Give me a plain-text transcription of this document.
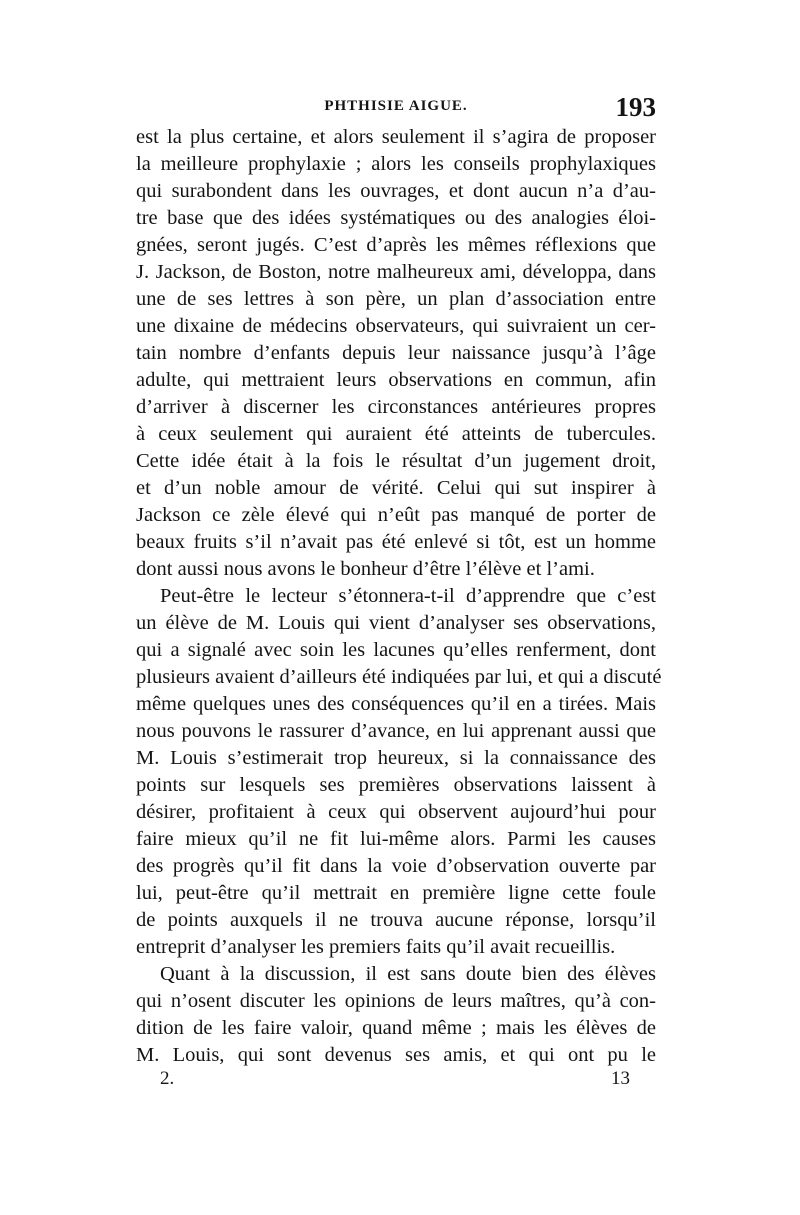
PHTHISIE AIGUE.	193
est la plus certaine, et alors seulement il s’agira de proposer
la meilleure prophylaxie ; alors les conseils prophylaxiques
qui surabondent dans les ouvrages, et dont aucun n’a d’au-
tre base que des idées systématiques ou des analogies éloi-
gnées, seront jugés. C’est d’après les mêmes réflexions que
J. Jackson, de Boston, notre malheureux ami, développa, dans
une de ses lettres à son père, un plan d’association entre
une dixaine de médecins observateurs, qui suivraient un cer-
tain nombre d’enfants depuis leur naissance jusqu’à l’âge
adulte, qui mettraient leurs observations en commun, afin
d’arriver à discerner les circonstances antérieures propres
à ceux seulement qui auraient été atteints de tubercules.
Cette idée était à la fois le résultat d’un jugement droit,
et d’un noble amour de vérité. Celui qui sut inspirer à
Jackson ce zèle élevé qui n’eût pas manqué de porter de
beaux fruits s’il n’avait pas été enlevé si tôt, est un homme
dont aussi nous avons le bonheur d’être l’élève et l’ami.
Peut-être le lecteur s’étonnera-t-il d’apprendre que c’est
un élève de M. Louis qui vient d’analyser ses observations,
qui a signalé avec soin les lacunes qu’elles renferment, dont
plusieurs avaient d’ailleurs été indiquées par lui, et qui a discuté
même quelques unes des conséquences qu’il en a tirées. Mais
nous pouvons le rassurer d’avance, en lui apprenant aussi que
M. Louis s’estimerait trop heureux, si la connaissance des
points sur lesquels ses premières observations laissent à
désirer, profitaient à ceux qui observent aujourd’hui pour
faire mieux qu’il ne fit lui-même alors. Parmi les causes
des progrès qu’il fit dans la voie d’observation ouverte par
lui, peut-être qu’il mettrait en première ligne cette foule
de points auxquels il ne trouva aucune réponse, lorsqu’il
entreprit d’analyser les premiers faits qu’il avait recueillis.
Quant à la discussion, il est sans doute bien des élèves
qui n’osent discuter les opinions de leurs maîtres, qu’à con-
dition de les faire valoir, quand même ; mais les élèves de
M. Louis, qui sont devenus ses amis, et qui ont pu le
2.	13
